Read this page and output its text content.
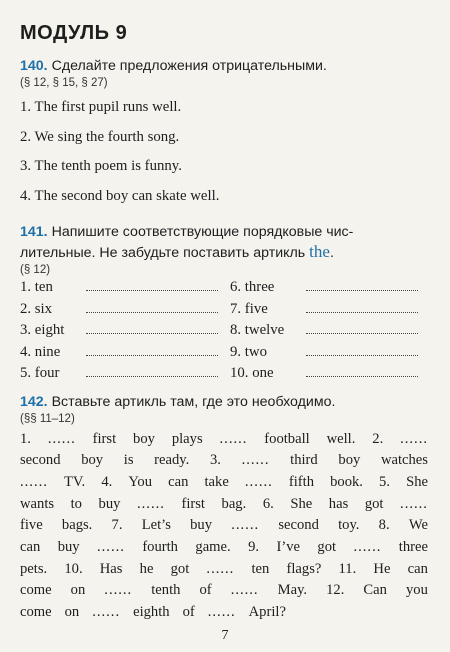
МОДУЛЬ 9
140. Сделайте предложения отрицательными.
(§ 12, § 15, § 27)
1. The first pupil runs well.
2. We sing the fourth song.
3. The tenth poem is funny.
4. The second boy can skate well.
141. Напишите соответствующие порядковые чис-
лительные. Не забудьте поставить артикль the.
(§ 12)
1. ten	6. three
2. six	7. five
3. eight	8. twelve
4. nine	9. two
5. four	10. one
142. Вставьте артикль там, где это необходимо.
(§§ 11–12)
1. ...... first boy plays ...... football well. 2. ......
second boy is ready. 3. ...... third boy watches
...... TV. 4. You can take ...... fifth book. 5. She
wants to buy ...... first bag. 6. She has got ......
five bags. 7. Let’s buy ...... second toy. 8. We
can buy ...... fourth game. 9. I’ve got ...... three
pets. 10. Has he got ...... ten flags? 11. He can
come on ...... tenth of ...... May. 12. Can you
come on ...... eighth of ...... April?
7
